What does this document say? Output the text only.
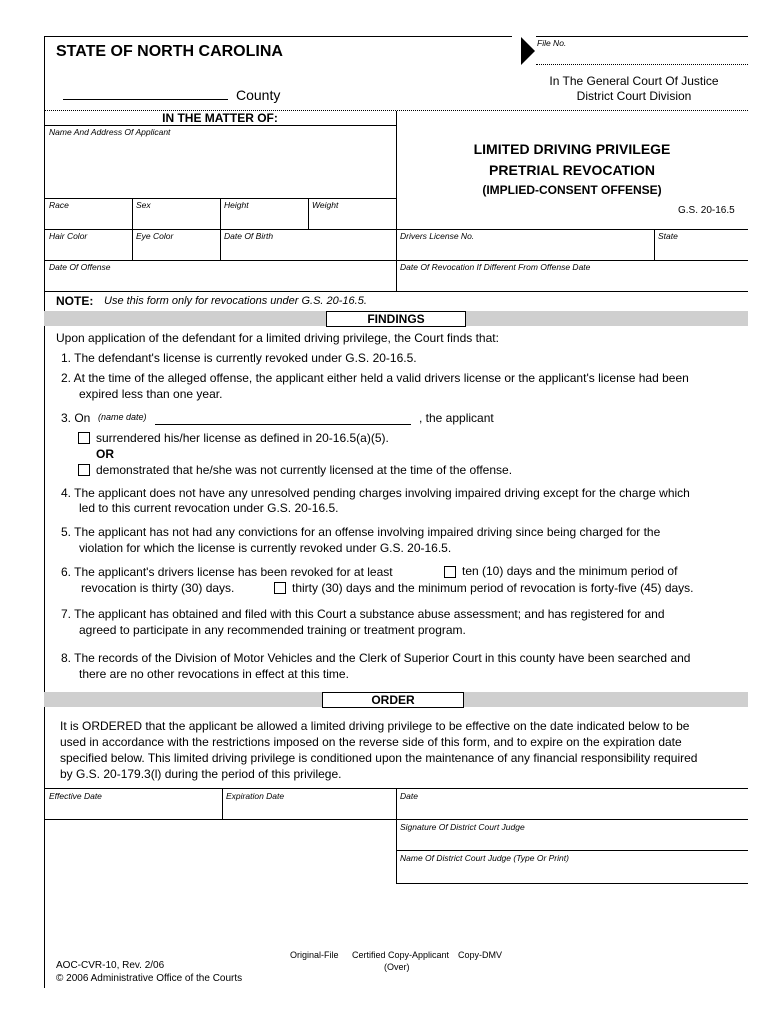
STATE OF NORTH CAROLINA	File No.
County
In The General Court Of Justice
District Court Division
IN THE MATTER OF:
Name And Address Of Applicant
LIMITED DRIVING PRIVILEGE
PRETRIAL REVOCATION
(IMPLIED-CONSENT OFFENSE)
G.S. 20-16.5
Race	Sex	Height	Weight
Hair Color	Eye Color	Date Of Birth	Drivers License No.	State
Date Of Offense	Date Of Revocation If Different From Offense Date
NOTE: Use this form only for revocations under G.S. 20-16.5.
FINDINGS
Upon application of the defendant for a limited driving privilege, the Court finds that:
1. The defendant's license is currently revoked under G.S. 20-16.5.
2. At the time of the alleged offense, the applicant either held a valid drivers license or the applicant's license had been
expired less than one year.
3. On (name date)	, the applicant
surrendered his/her license as defined in 20-16.5(a)(5).
OR
demonstrated that he/she was not currently licensed at the time of the offense.
4. The applicant does not have any unresolved pending charges involving impaired driving except for the charge which
led to this current revocation under G.S. 20-16.5.
5. The applicant has not had any convictions for an offense involving impaired driving since being charged for the
violation for which the license is currently revoked under G.S. 20-16.5.
6. The applicant's drivers license has been revoked for at least	ten (10) days and the minimum period of
revocation is thirty (30) days.	thirty (30) days and the minimum period of revocation is forty-five (45) days.
7. The applicant has obtained and filed with this Court a substance abuse assessment; and has registered for and
agreed to participate in any recommended training or treatment program.
8. The records of the Division of Motor Vehicles and the Clerk of Superior Court in this county have been searched and
there are no other revocations in effect at this time.
ORDER
It is ORDERED that the applicant be allowed a limited driving privilege to be effective on the date indicated below to be
used in accordance with the restrictions imposed on the reverse side of this form, and to expire on the expiration date
specified below. This limited driving privilege is conditioned upon the maintenance of any financial responsibility required
by G.S. 20-179.3(l) during the period of this privilege.
Effective Date	Expiration Date	Date
Signature Of District Court Judge
Name Of District Court Judge (Type Or Print)
Original-File Certified Copy-Applicant Copy-DMV
(Over)
AOC-CVR-10, Rev. 2/06
© 2006 Administrative Office of the Courts
